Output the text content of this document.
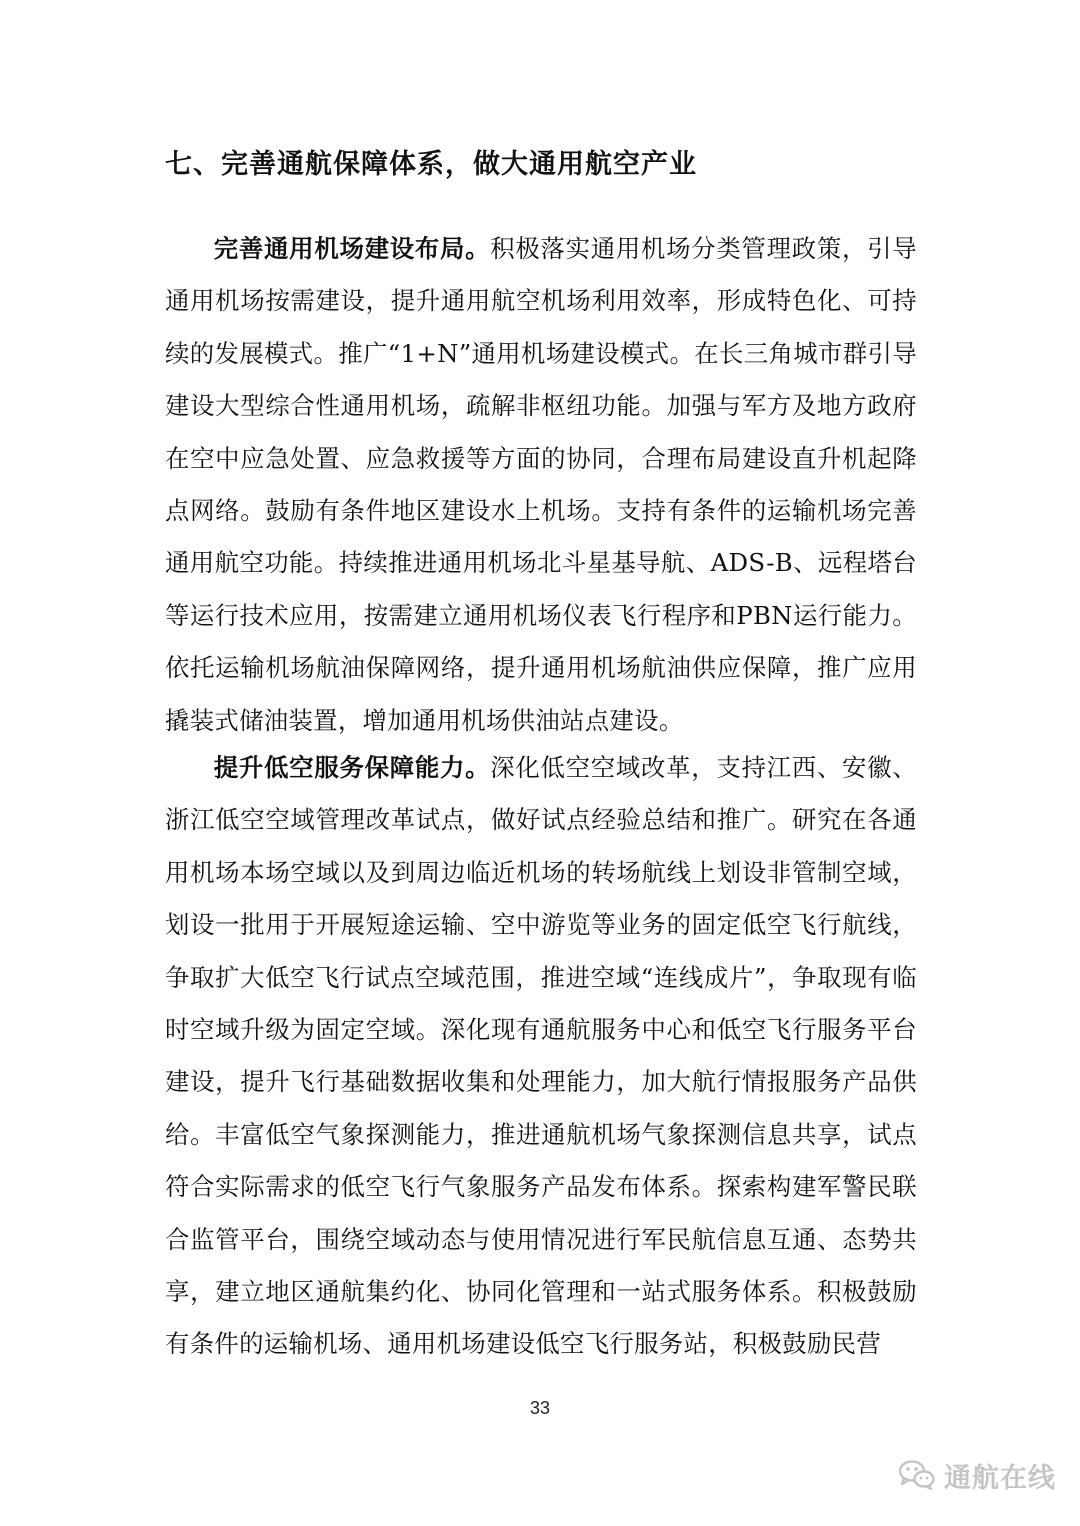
七、完善通航保障体系，做大通用航空产业

完善通用机场建设布局。积极落实通用机场分类管理政策，引导通用机场按需建设，提升通用航空机场利用效率，形成特色化、可持续的发展模式。推广“1+N”通用机场建设模式。在长三角城市群引导建设大型综合性通用机场，疏解非枢纽功能。加强与军方及地方政府在空中应急处置、应急救援等方面的协同，合理布局建设直升机起降点网络。鼓励有条件地区建设水上机场。支持有条件的运输机场完善通用航空功能。持续推进通用机场北斗星基导航、ADS-B、远程塔台等运行技术应用，按需建立通用机场仪表飞行程序和PBN运行能力。依托运输机场航油保障网络，提升通用机场航油供应保障，推广应用撬装式储油装置，增加通用机场供油站点建设。

提升低空服务保障能力。深化低空空域改革，支持江西、安徽、浙江低空空域管理改革试点，做好试点经验总结和推广。研究在各通用机场本场空域以及到周边临近机场的转场航线上划设非管制空域，划设一批用于开展短途运输、空中游览等业务的固定低空飞行航线，争取扩大低空飞行试点空域范围，推进空域“连线成片”，争取现有临时空域升级为固定空域。深化现有通航服务中心和低空飞行服务平台建设，提升飞行基础数据收集和处理能力，加大航行情报服务产品供给。丰富低空气象探测能力，推进通航机场气象探测信息共享，试点符合实际需求的低空飞行气象服务产品发布体系。探索构建军警民联合监管平台，围绕空域动态与使用情况进行军民航信息互通、态势共享，建立地区通航集约化、协同化管理和一站式服务体系。积极鼓励有条件的运输机场、通用机场建设低空飞行服务站，积极鼓励民营

33
通航在线
